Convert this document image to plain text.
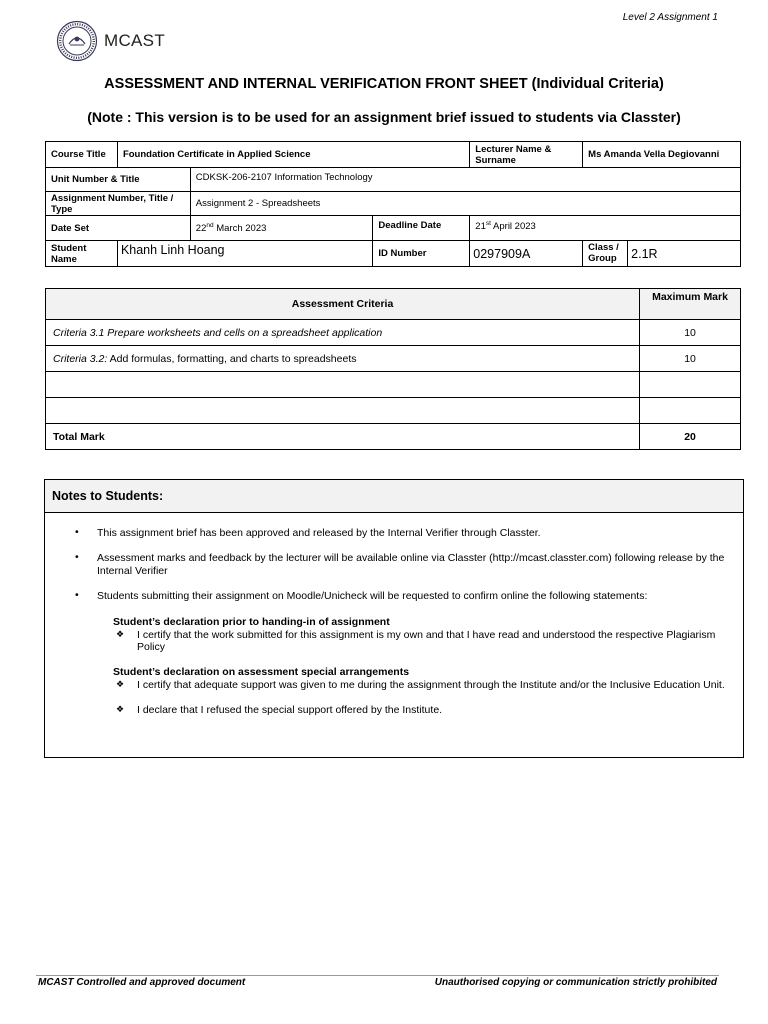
Level 2 Assignment 1
MCAST
ASSESSMENT AND INTERNAL VERIFICATION FRONT SHEET (Individual Criteria)
(Note : This version is to be used for an assignment brief issued to students via Classter)
Course Title	Foundation Certificate in Applied Science			Lecturer Name & Surname	Ms Amanda Vella Degiovanni	
Unit Number & Title		CDKSK-206-2107 Information Technology				
Assignment Number, Title / Type		Assignment 2 - Spreadsheets				
Date Set		22nd March 2023	Deadline Date	21st April 2023		
Student Name	Khanh Linh Hoang		ID Number	0297909A	Class / Group	2.1R
Assessment Criteria	Maximum Mark
Criteria 3.1 Prepare worksheets and cells on a spreadsheet application	10
Criteria 3.2: Add formulas, formatting, and charts to spreadsheets	10

Total Mark	20
Notes to Students:
• This assignment brief has been approved and released by the Internal Verifier through Classter.
• Assessment marks and feedback by the lecturer will be available online via Classter (http://mcast.classter.com) following release by the Internal Verifier
• Students submitting their assignment on Moodle/Unicheck will be requested to confirm online the following statements:
Student’s declaration prior to handing-in of assignment
❖ I certify that the work submitted for this assignment is my own and that I have read and understood the respective Plagiarism Policy
Student’s declaration on assessment special arrangements
❖ I certify that adequate support was given to me during the assignment through the Institute and/or the Inclusive Education Unit.
❖ I declare that I refused the special support offered by the Institute.
MCAST Controlled and approved document	Unauthorised copying or communication strictly prohibited
